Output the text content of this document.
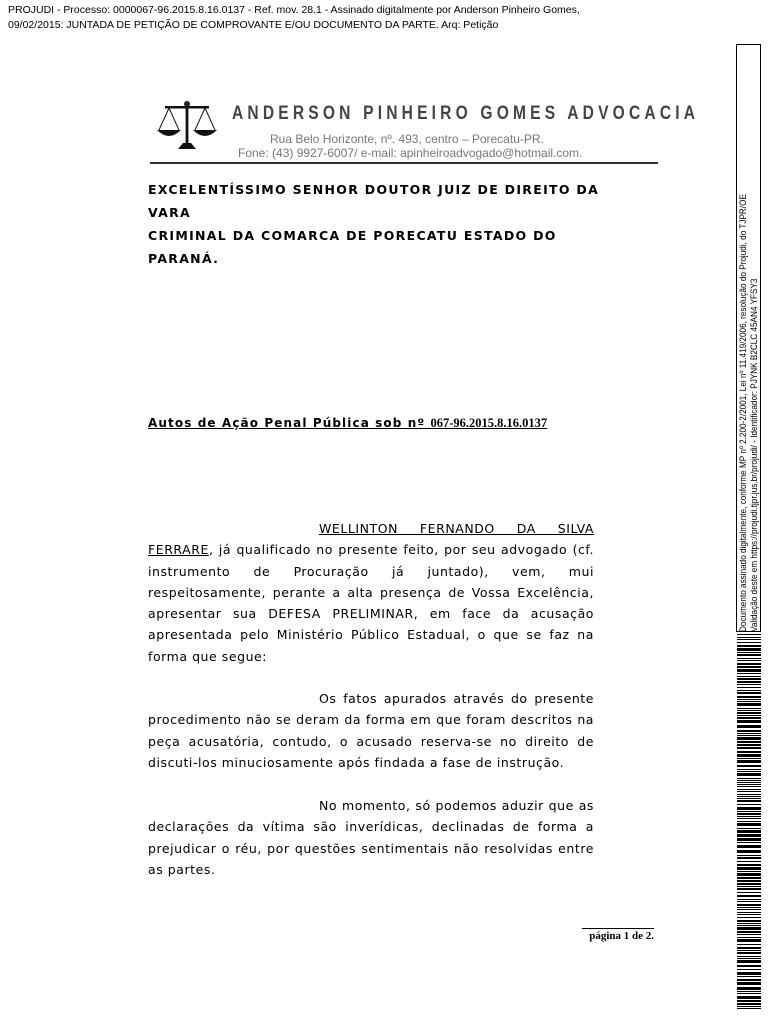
PROJUDI - Processo: 0000067-96.2015.8.16.0137 - Ref. mov. 28.1 - Assinado digitalmente por Anderson Pinheiro Gomes,
09/02/2015: JUNTADA DE PETIÇÃO DE COMPROVANTE E/OU DOCUMENTO DA PARTE. Arq: Petição
ANDERSON PINHEIRO GOMES ADVOCACIA
Rua Belo Horizonte, nº. 493, centro – Porecatu-PR.
Fone: (43) 9927-6007/ e-mail: apinheiroadvogado@hotmail.com.
EXCELENTÍSSIMO SENHOR DOUTOR JUIZ DE DIREITO DA VARA
CRIMINAL DA COMARCA DE PORECATU ESTADO DO PARANÁ.
Autos de Ação Penal Pública sob nº 067-96.2015.8.16.0137
WELLINTON FERNANDO DA SILVA FERRARE, já qualificado no presente feito, por seu advogado (cf. instrumento de Procuração já juntado), vem, mui respeitosamente, perante a alta presença de Vossa Excelência, apresentar sua DEFESA PRELIMINAR, em face da acusação apresentada pelo Ministério Público Estadual, o que se faz na forma que segue:
Os fatos apurados através do presente procedimento não se deram da forma em que foram descritos na peça acusatória, contudo, o acusado reserva-se no direito de discuti-los minuciosamente após findada a fase de instrução.
No momento, só podemos aduzir que as declarações da vítima são inverídicas, declinadas de forma a prejudicar o réu, por questões sentimentais não resolvidas entre as partes.
página 1 de 2.
Documento assinado digitalmente, conforme MP nº 2.200-2/2001, Lei nº 11.419/2006, resolução do Projudi, do TJPR/OE Validação deste em https://projudi.tjpr.jus.br/projudi/ - Identificador: PJYNK B2CLC 45AN4 YFSY3
